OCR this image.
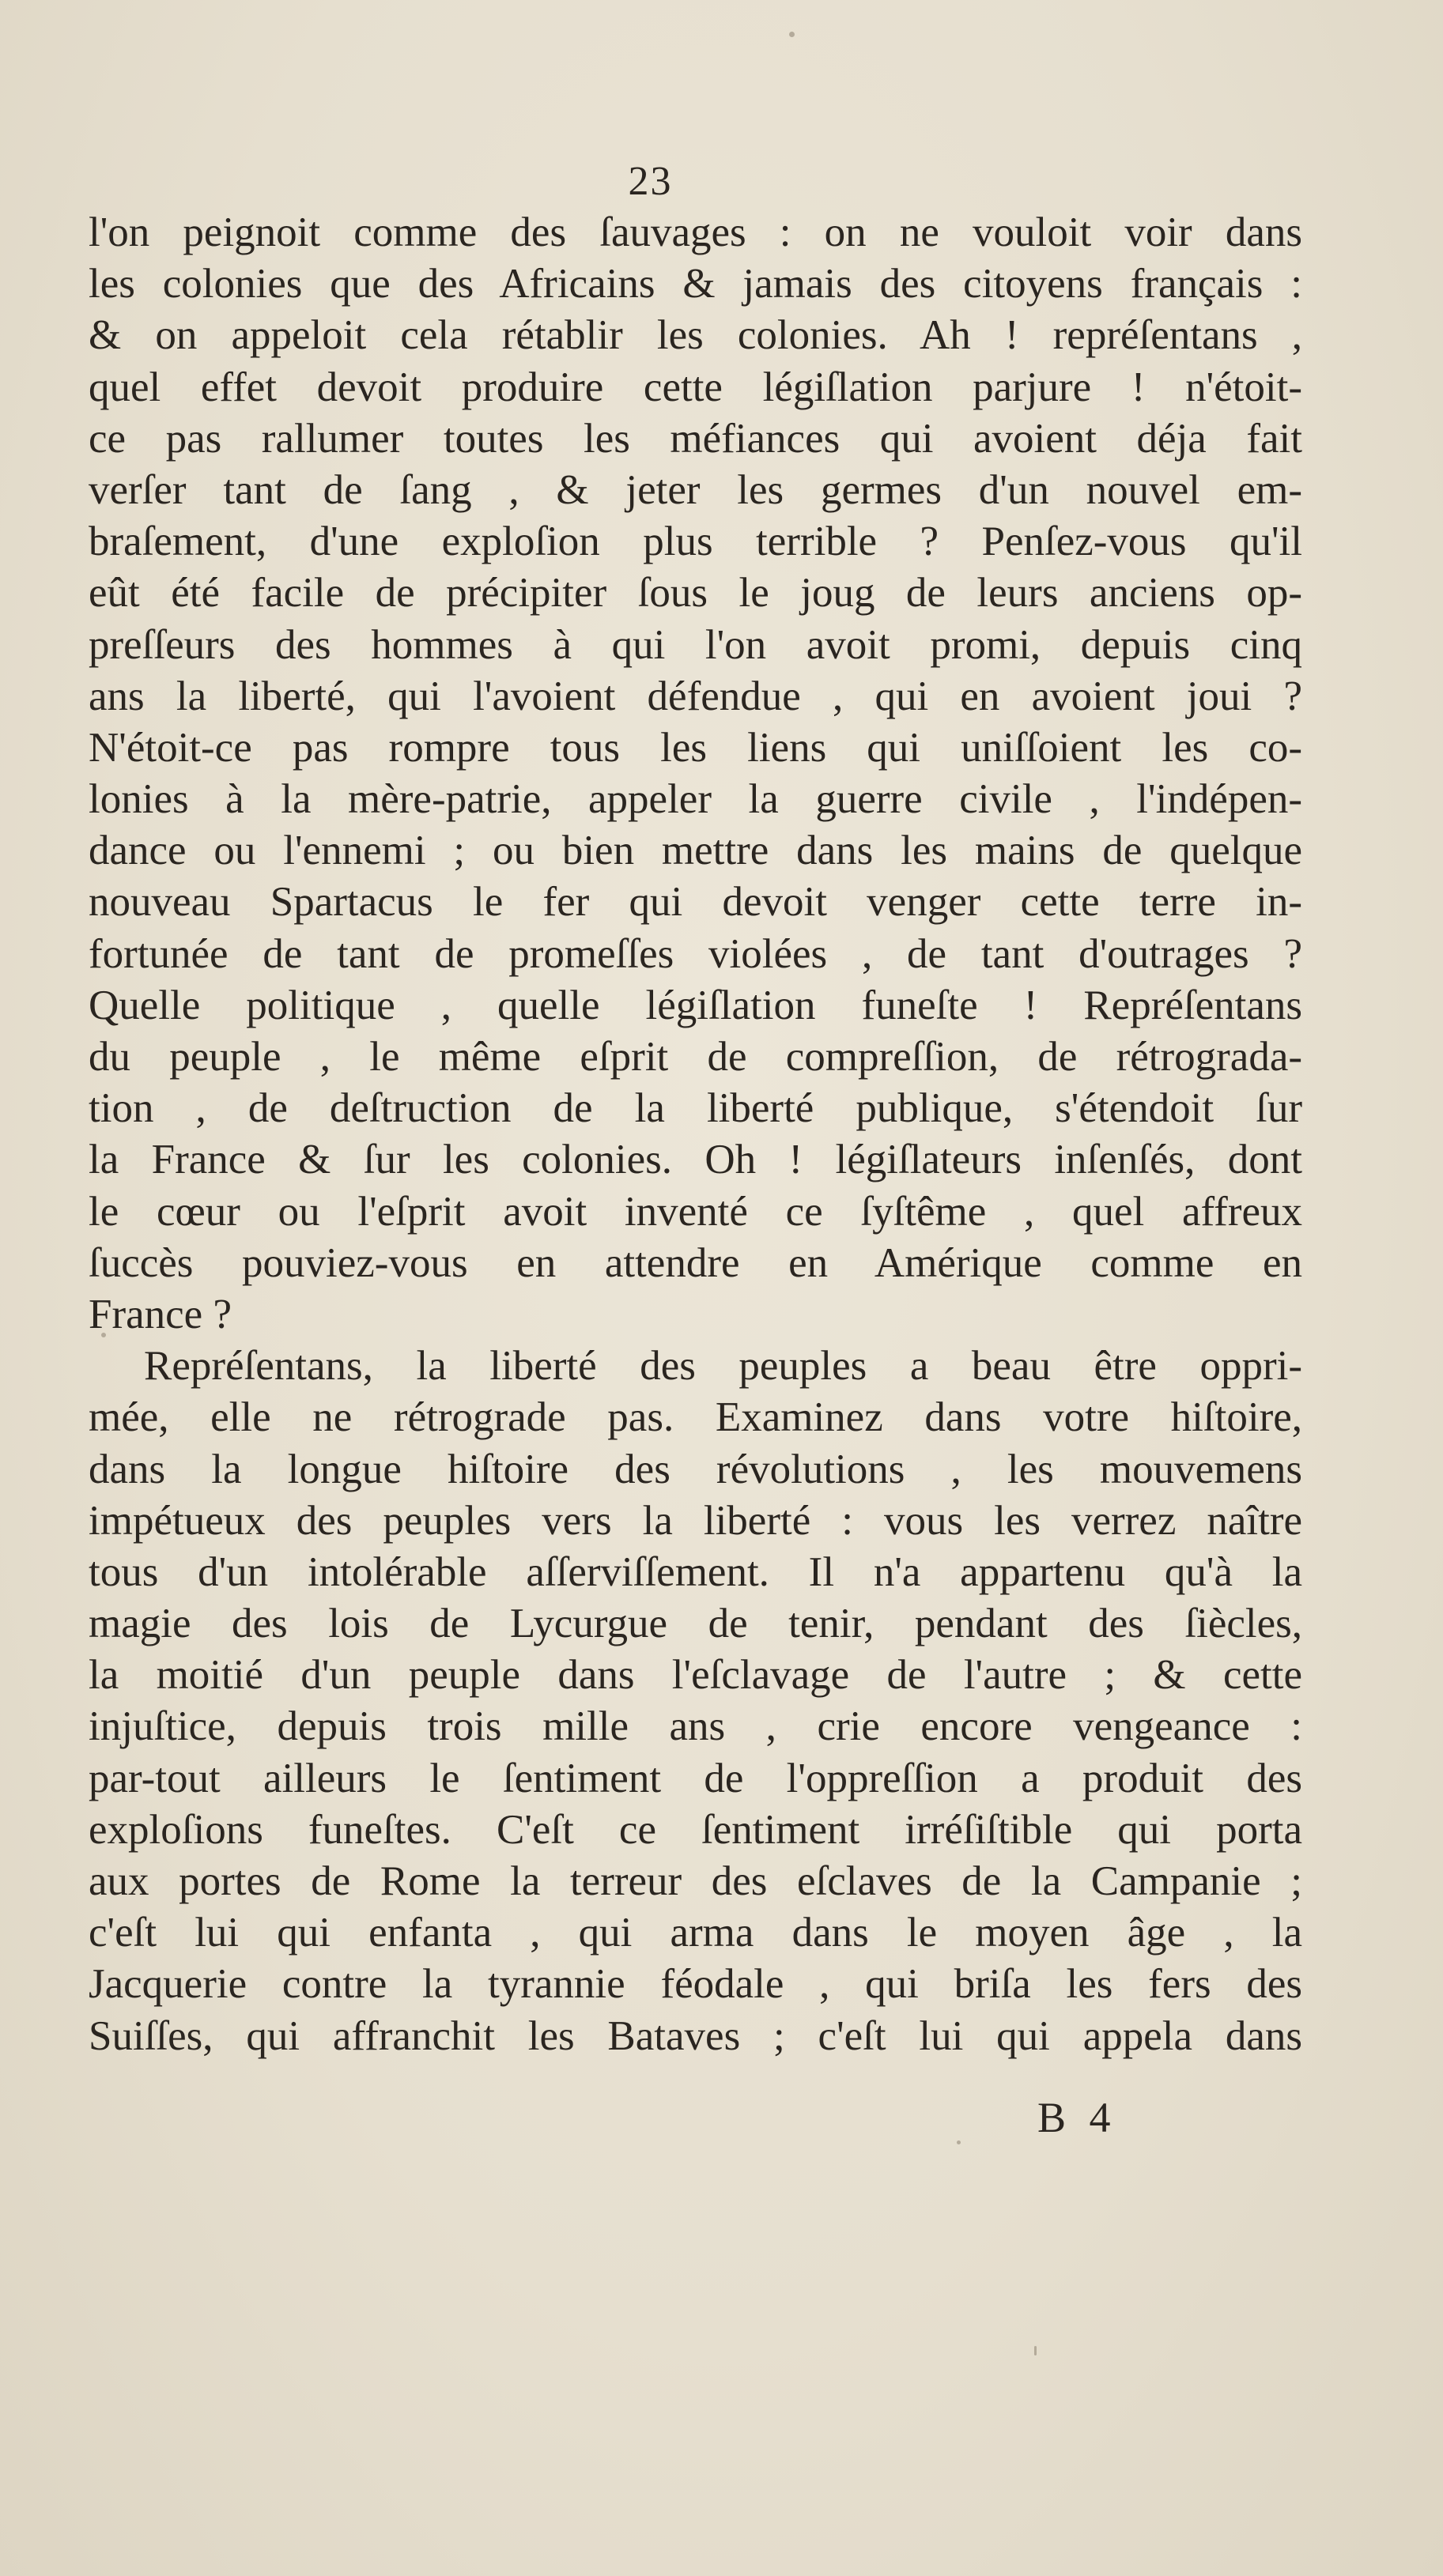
23
l'on peignoit comme des ſauvages : on ne vouloit voir dans
les colonies que des Africains & jamais des citoyens français :
& on appeloit cela rétablir les colonies. Ah ! repréſentans ,
quel effet devoit produire cette légiſlation parjure ! n'étoit-
ce pas rallumer toutes les méfiances qui avoient déja fait
verſer tant de ſang , & jeter les germes d'un nouvel em-
braſement, d'une exploſion plus terrible ? Penſez-vous qu'il
eût été facile de précipiter ſous le joug de leurs anciens op-
preſſeurs des hommes à qui l'on avoit promi, depuis cinq
ans la liberté, qui l'avoient défendue , qui en avoient joui ?
N'étoit-ce pas rompre tous les liens qui uniſſoient les co-
lonies à la mère-patrie, appeler la guerre civile , l'indépen-
dance ou l'ennemi ; ou bien mettre dans les mains de quelque
nouveau Spartacus le fer qui devoit venger cette terre in-
fortunée de tant de promeſſes violées , de tant d'outrages ?
Quelle politique , quelle légiſlation funeſte ! Repréſentans
du peuple , le même eſprit de compreſſion, de rétrograda-
tion , de deſtruction de la liberté publique, s'étendoit ſur
la France & ſur les colonies. Oh ! légiſlateurs inſenſés, dont
le cœur ou l'eſprit avoit inventé ce ſyſtême , quel affreux
ſuccès pouviez-vous en attendre en Amérique comme en
France ?
Repréſentans, la liberté des peuples a beau être oppri-
mée, elle ne rétrograde pas. Examinez dans votre hiſtoire,
dans la longue hiſtoire des révolutions , les mouvemens
impétueux des peuples vers la liberté : vous les verrez naître
tous d'un intolérable aſſerviſſement. Il n'a appartenu qu'à la
magie des lois de Lycurgue de tenir, pendant des ſiècles,
la moitié d'un peuple dans l'eſclavage de l'autre ; & cette
injuſtice, depuis trois mille ans , crie encore vengeance :
par-tout ailleurs le ſentiment de l'oppreſſion a produit des
exploſions funeſtes. C'eſt ce ſentiment irréſiſtible qui porta
aux portes de Rome la terreur des eſclaves de la Campanie ;
c'eſt lui qui enfanta , qui arma dans le moyen âge , la
Jacquerie contre la tyrannie féodale , qui briſa les fers des
Suiſſes, qui affranchit les Bataves ; c'eſt lui qui appela dans
B 4
